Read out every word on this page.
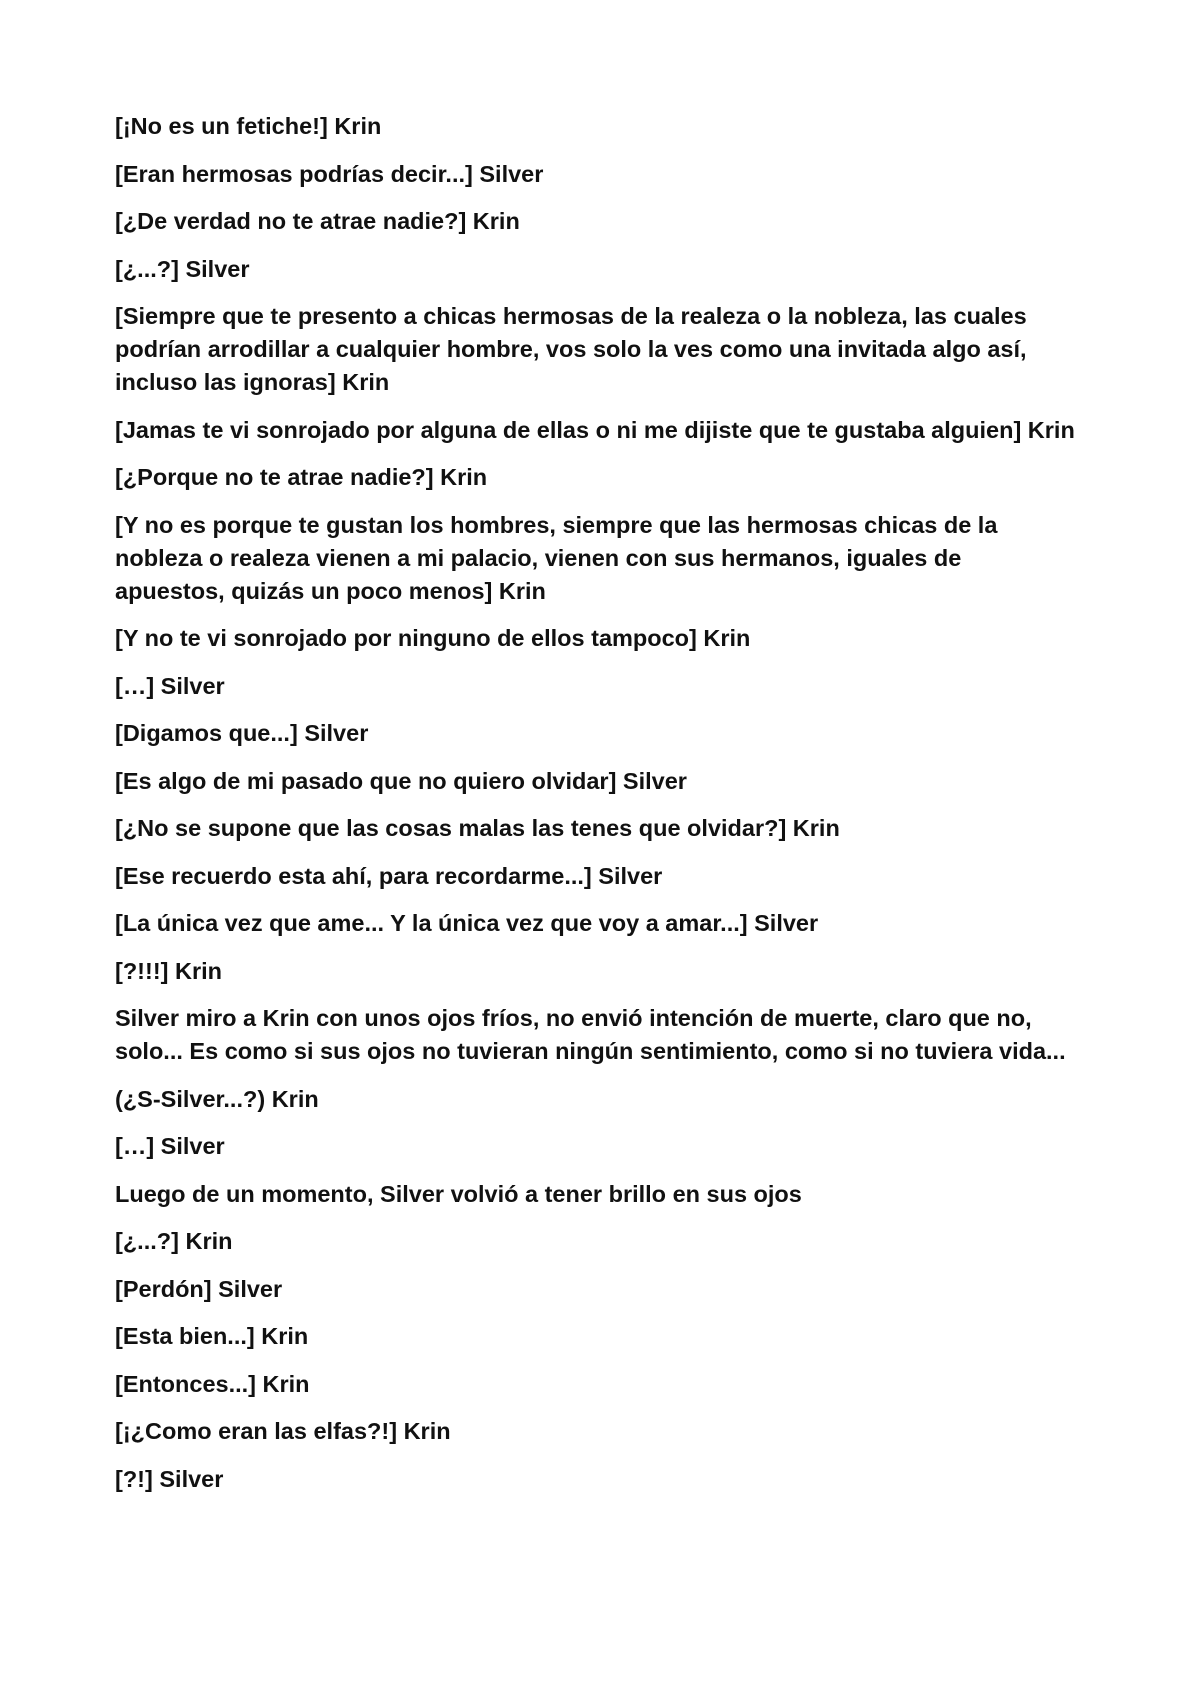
[¡No es un fetiche!] Krin

[Eran hermosas podrías decir...] Silver

[¿De verdad no te atrae nadie?] Krin

[¿...?] Silver

[Siempre que te presento a chicas hermosas de la realeza o la nobleza, las cuales podrían arrodillar a cualquier hombre, vos solo la ves como una invitada algo así, incluso las ignoras] Krin

[Jamas te vi sonrojado por alguna de ellas o ni me dijiste que te gustaba alguien] Krin

[¿Porque no te atrae nadie?] Krin

[Y no es porque te gustan los hombres, siempre que las hermosas chicas de la nobleza o realeza vienen a mi palacio, vienen con sus hermanos, iguales de apuestos, quizás un poco menos] Krin

[Y no te vi sonrojado por ninguno de ellos tampoco] Krin

[…] Silver

[Digamos que...] Silver

[Es algo de mi pasado que no quiero olvidar] Silver

[¿No se supone que las cosas malas las tenes que olvidar?] Krin

[Ese recuerdo esta ahí, para recordarme...] Silver

[La única vez que ame... Y la única vez que voy a amar...] Silver

[?!!!] Krin

Silver miro a Krin con unos ojos fríos, no envió intención de muerte, claro que no, solo... Es como si sus ojos no tuvieran ningún sentimiento, como si no tuviera vida...

(¿S-Silver...?) Krin

[…] Silver

Luego de un momento, Silver volvió a tener brillo en sus ojos

[¿...?] Krin

[Perdón] Silver

[Esta bien...] Krin

[Entonces...] Krin

[¡¿Como eran las elfas?!] Krin

[?!] Silver
